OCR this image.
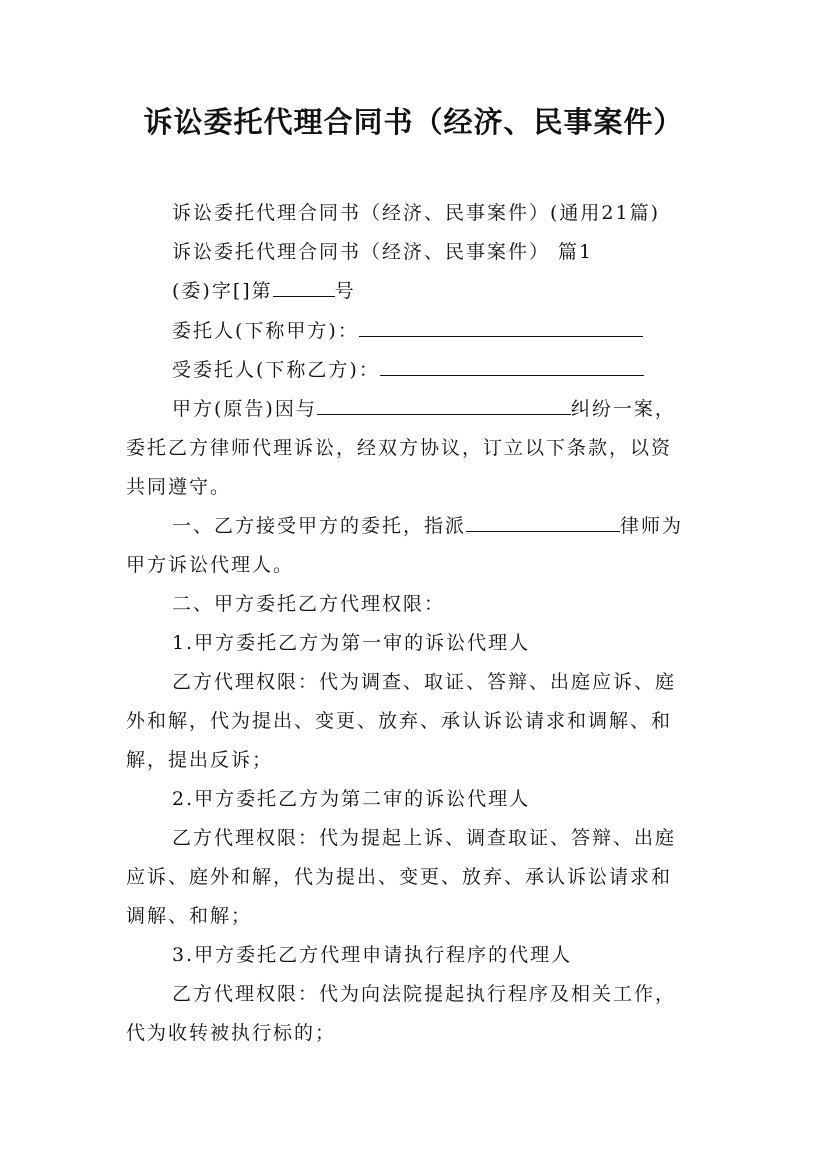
诉讼委托代理合同书（经济、民事案件）
诉讼委托代理合同书（经济、民事案件）(通用21篇)
诉讼委托代理合同书（经济、民事案件） 篇1
(委)字[]第	号
委托人(下称甲方)：
受委托人(下称乙方)：
甲方(原告)因与	纠纷一案，
委托乙方律师代理诉讼，经双方协议，订立以下条款，以资
共同遵守。
一、乙方接受甲方的委托，指派	律师为
甲方诉讼代理人。
二、甲方委托乙方代理权限：
1.甲方委托乙方为第一审的诉讼代理人
乙方代理权限：代为调查、取证、答辩、出庭应诉、庭
外和解，代为提出、变更、放弃、承认诉讼请求和调解、和
解，提出反诉；
2.甲方委托乙方为第二审的诉讼代理人
乙方代理权限：代为提起上诉、调查取证、答辩、出庭
应诉、庭外和解，代为提出、变更、放弃、承认诉讼请求和
调解、和解；
3.甲方委托乙方代理申请执行程序的代理人
乙方代理权限：代为向法院提起执行程序及相关工作，
代为收转被执行标的；
